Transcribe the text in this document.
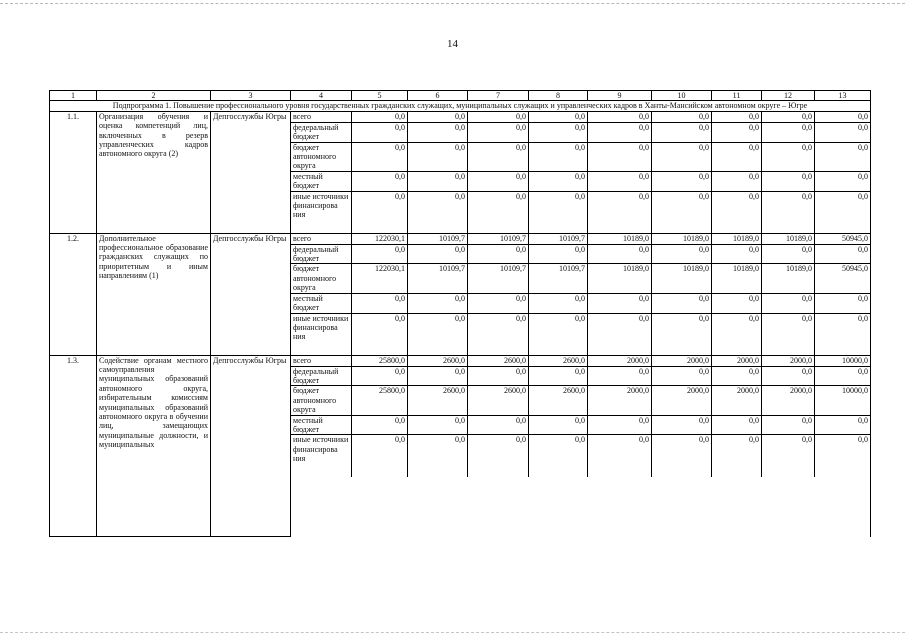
14
1	2	3	4	5	6	7	8	9	10	11	12	13
Подпрограмма 1. Повышение профессионального уровня государственных гражданских служащих, муниципальных служащих и управленческих кадров в Ханты-Мансийском автономном округе – Югре												
1.1.	Организация обучения и оценка компетенций лиц, включенных в резерв управленческих кадров автономного округа (2)	Депгосслужбы Югры	всего	0,0	0,0	0,0	0,0	0,0	0,0	0,0	0,0	0,0
			федеральный бюджет	0,0	0,0	0,0	0,0	0,0	0,0	0,0	0,0	0,0
			бюджет автономного округа	0,0	0,0	0,0	0,0	0,0	0,0	0,0	0,0	0,0
			местный бюджет	0,0	0,0	0,0	0,0	0,0	0,0	0,0	0,0	0,0
			иные источники финансирова ния	0,0	0,0	0,0	0,0	0,0	0,0	0,0	0,0	0,0
1.2.	Дополнительное профессиональное образование гражданских служащих по приоритетным и иным направлениям (1)	Депгосслужбы Югры	всего	122030,1	10109,7	10109,7	10109,7	10189,0	10189,0	10189,0	10189,0	50945,0
			федеральный бюджет	0,0	0,0	0,0	0,0	0,0	0,0	0,0	0,0	0,0
			бюджет автономного округа	122030,1	10109,7	10109,7	10109,7	10189,0	10189,0	10189,0	10189,0	50945,0
			местный бюджет	0,0	0,0	0,0	0,0	0,0	0,0	0,0	0,0	0,0
			иные источники финансирова ния	0,0	0,0	0,0	0,0	0,0	0,0	0,0	0,0	0,0
1.3.	Содействие органам местного самоуправления муниципальных образований автономного округа, избирательным комиссиям муниципальных образований автономного округа в обучении лиц, замещающих муниципальные должности, и муниципальных	Депгосслужбы Югры	всего	25800,0	2600,0	2600,0	2600,0	2000,0	2000,0	2000,0	2000,0	10000,0
			федеральный бюджет	0,0	0,0	0,0	0,0	0,0	0,0	0,0	0,0	0,0
			бюджет автономного округа	25800,0	2600,0	2600,0	2600,0	2000,0	2000,0	2000,0	2000,0	10000,0
			местный бюджет	0,0	0,0	0,0	0,0	0,0	0,0	0,0	0,0	0,0
			иные источники финансирова ния	0,0	0,0	0,0	0,0	0,0	0,0	0,0	0,0	0,0
